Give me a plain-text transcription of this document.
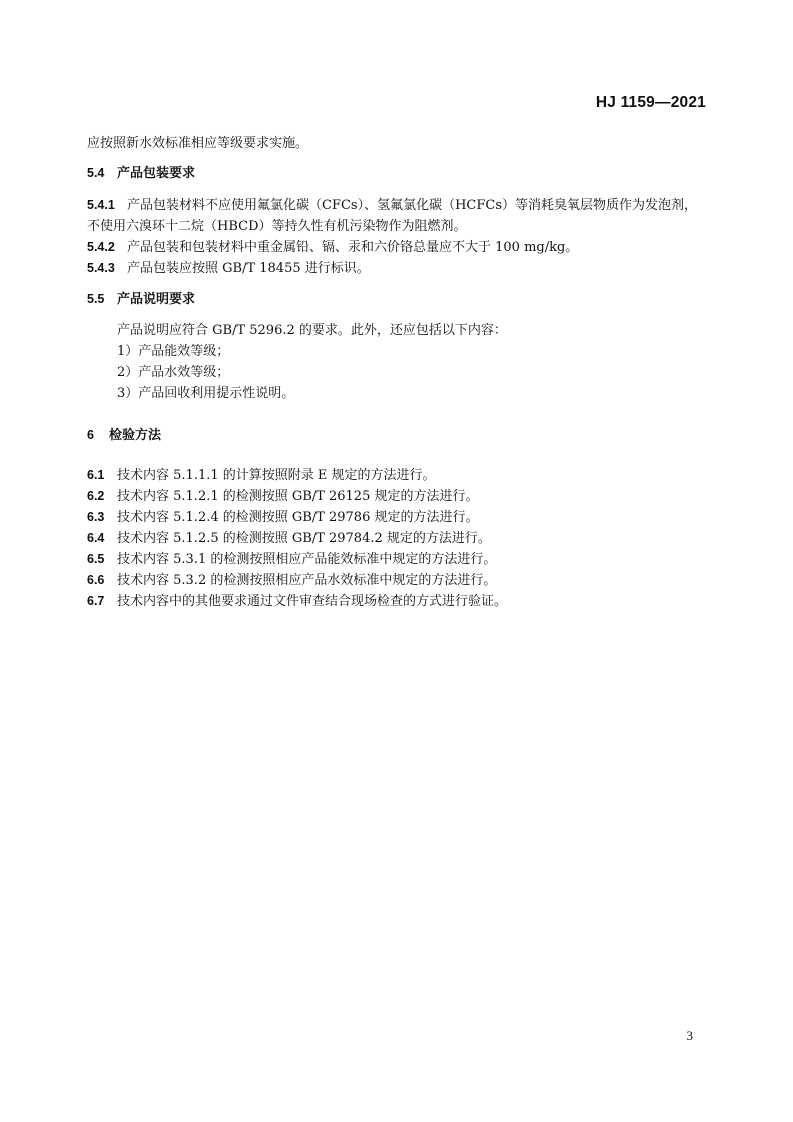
HJ 1159—2021
应按照新水效标准相应等级要求实施。
5.4 产品包装要求
5.4.1 产品包装材料不应使用氟氯化碳（CFCs）、氢氟氯化碳（HCFCs）等消耗臭氧层物质作为发泡剂，
不使用六溴环十二烷（HBCD）等持久性有机污染物作为阻燃剂。
5.4.2 产品包装和包装材料中重金属铅、镉、汞和六价铬总量应不大于 100 mg/kg。
5.4.3 产品包装应按照 GB/T 18455 进行标识。
5.5 产品说明要求
产品说明应符合 GB/T 5296.2 的要求。此外，还应包括以下内容：
1）产品能效等级；
2）产品水效等级；
3）产品回收利用提示性说明。
6 检验方法
6.1 技术内容 5.1.1.1 的计算按照附录 E 规定的方法进行。
6.2 技术内容 5.1.2.1 的检测按照 GB/T 26125 规定的方法进行。
6.3 技术内容 5.1.2.4 的检测按照 GB/T 29786 规定的方法进行。
6.4 技术内容 5.1.2.5 的检测按照 GB/T 29784.2 规定的方法进行。
6.5 技术内容 5.3.1 的检测按照相应产品能效标准中规定的方法进行。
6.6 技术内容 5.3.2 的检测按照相应产品水效标准中规定的方法进行。
6.7 技术内容中的其他要求通过文件审查结合现场检查的方式进行验证。
3
